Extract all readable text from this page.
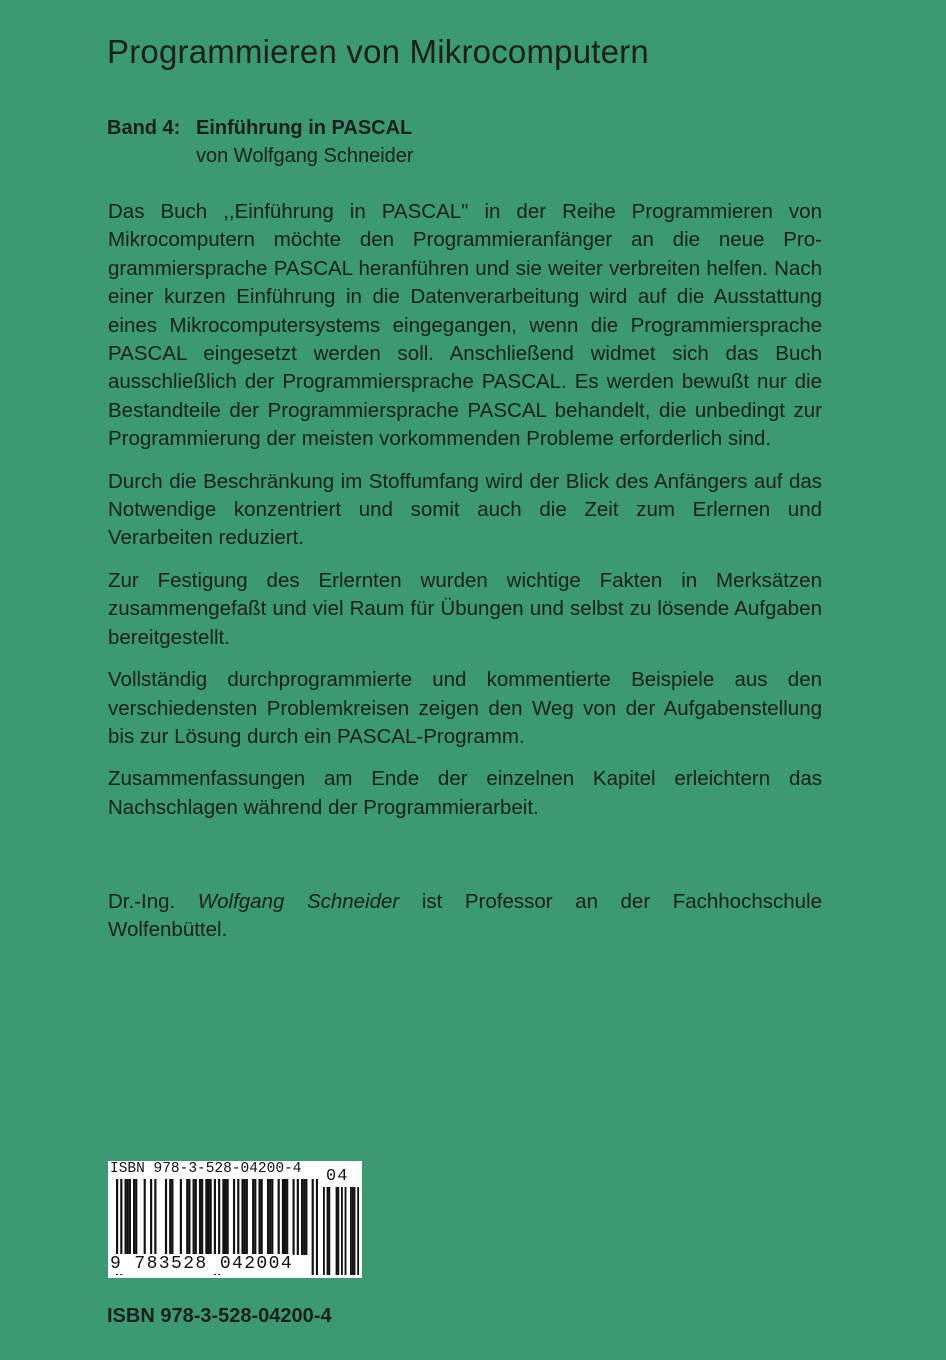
Programmieren von Mikrocomputern
Band 4: Einführung in PASCAL
von Wolfgang Schneider

Das Buch ,,Einführung in PASCAL" in der Reihe Programmieren von Mikrocomputern möchte den Programmieranfänger an die neue Programmiersprache PASCAL heranführen und sie weiter verbreiten helfen. Nach einer kurzen Einführung in die Datenverarbeitung wird auf die Ausstattung eines Mikrocomputersystems eingegangen, wenn die Programmiersprache PASCAL eingesetzt werden soll. Anschließend widmet sich das Buch ausschließlich der Programmiersprache PASCAL. Es werden bewußt nur die Bestandteile der Programmiersprache PASCAL behandelt, die unbedingt zur Programmierung der meisten vorkommenden Probleme erforderlich sind.

Durch die Beschränkung im Stoffumfang wird der Blick des Anfängers auf das Notwendige konzentriert und somit auch die Zeit zum Erlernen und Verarbeiten reduziert.

Zur Festigung des Erlernten wurden wichtige Fakten in Merksätzen zusammengefaßt und viel Raum für Übungen und selbst zu lösende Aufgaben bereitgestellt.

Vollständig durchprogrammierte und kommentierte Beispiele aus den verschiedensten Problemkreisen zeigen den Weg von der Aufgabenstellung bis zur Lösung durch ein PASCAL-Programm.

Zusammenfassungen am Ende der einzelnen Kapitel erleichtern das Nachschlagen während der Programmierarbeit.

Dr.-Ing. Wolfgang Schneider ist Professor an der Fachhochschule Wolfenbüttel.

ISBN 978-3-528-04200-4 04
9 783528 042004
ISBN 978-3-528-04200-4
